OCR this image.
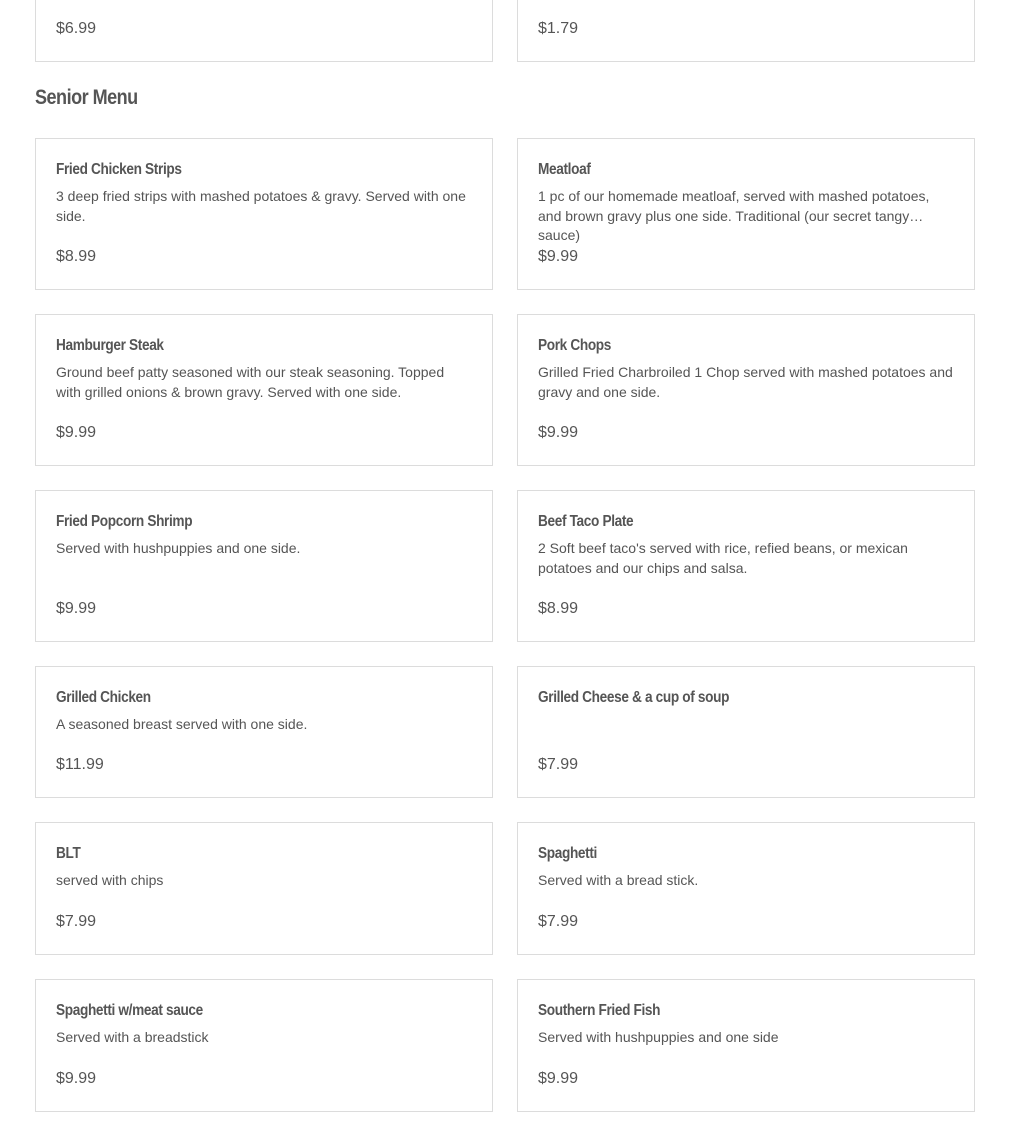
$6.99	$1.79
Senior Menu
Fried Chicken Strips

3 deep fried strips with mashed potatoes & gravy. Served with one side.

$8.99
Meatloaf

1 pc of our homemade meatloaf, served with mashed potatoes, and brown gravy plus one side. Traditional (our secret tangy sauce)

$9.99
Hamburger Steak

Ground beef patty seasoned with our steak seasoning. Topped with grilled onions & brown gravy. Served with one side.

$9.99
Pork Chops

Grilled Fried Charbroiled 1 Chop served with mashed potatoes and gravy and one side.

$9.99
Fried Popcorn Shrimp

Served with hushpuppies and one side.

$9.99
Beef Taco Plate

2 Soft beef taco's served with rice, refied beans, or mexican potatoes and our chips and salsa.

$8.99
Grilled Chicken

A seasoned breast served with one side.

$11.99
Grilled Cheese & a cup of soup

$7.99
BLT

served with chips

$7.99
Spaghetti

Served with a bread stick.

$7.99
Spaghetti w/meat sauce

Served with a breadstick

$9.99
Southern Fried Fish

Served with hushpuppies and one side

$9.99
